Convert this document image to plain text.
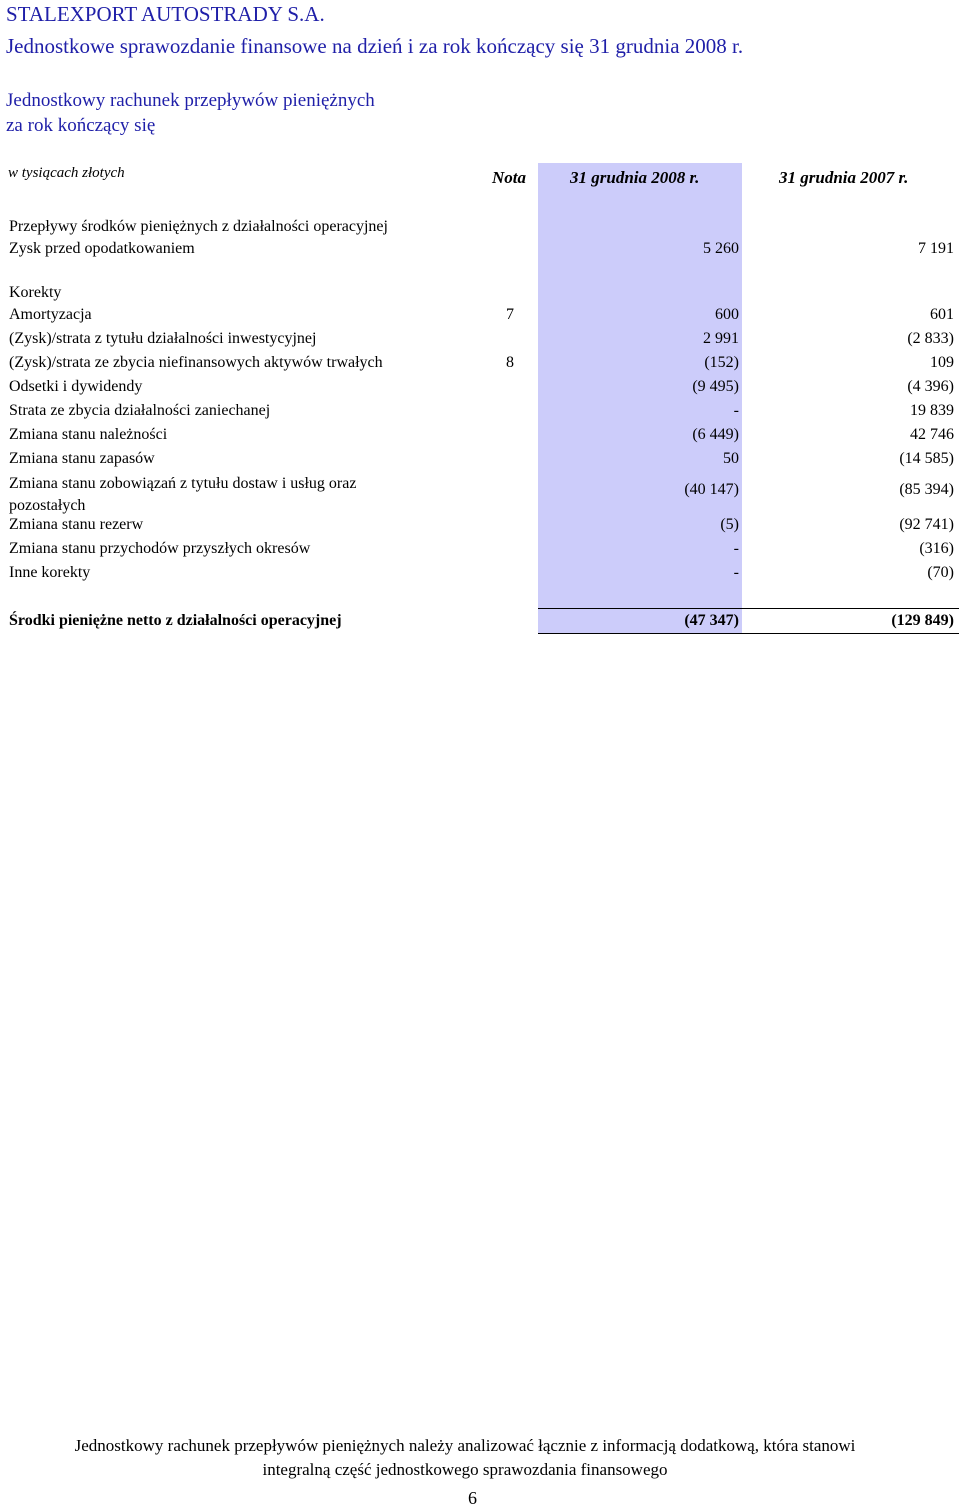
STALEXPORT AUTOSTRADY S.A.
Jednostkowe sprawozdanie finansowe na dzień i za rok kończący się 31 grudnia 2008 r.
Jednostkowy rachunek przepływów pieniężnych
za rok kończący się
w tysiącach złotych	Nota	31 grudnia 2008 r.	31 grudnia 2007 r.
Przepływy środków pieniężnych z działalności operacyjnej
Zysk przed opodatkowaniem	5 260	7 191
Korekty
Amortyzacja	7	600	601
(Zysk)/strata z tytułu działalności inwestycyjnej	2 991	(2 833)
(Zysk)/strata ze zbycia niefinansowych aktywów trwałych	8	(152)	109
Odsetki i dywidendy	(9 495)	(4 396)
Strata ze zbycia działalności zaniechanej	-	19 839
Zmiana stanu należności	(6 449)	42 746
Zmiana stanu zapasów	50	(14 585)
Zmiana stanu zobowiązań z tytułu dostaw i usług oraz pozostałych
(40 147)	(85 394)
Zmiana stanu rezerw	(5)	(92 741)
Zmiana stanu przychodów przyszłych okresów	-	(316)
Inne korekty	-	(70)
Środki pieniężne netto z działalności operacyjnej	(47 347)	(129 849)
Jednostkowy rachunek przepływów pieniężnych należy analizować łącznie z informacją dodatkową, która stanowi
integralną część jednostkowego sprawozdania finansowego
6
